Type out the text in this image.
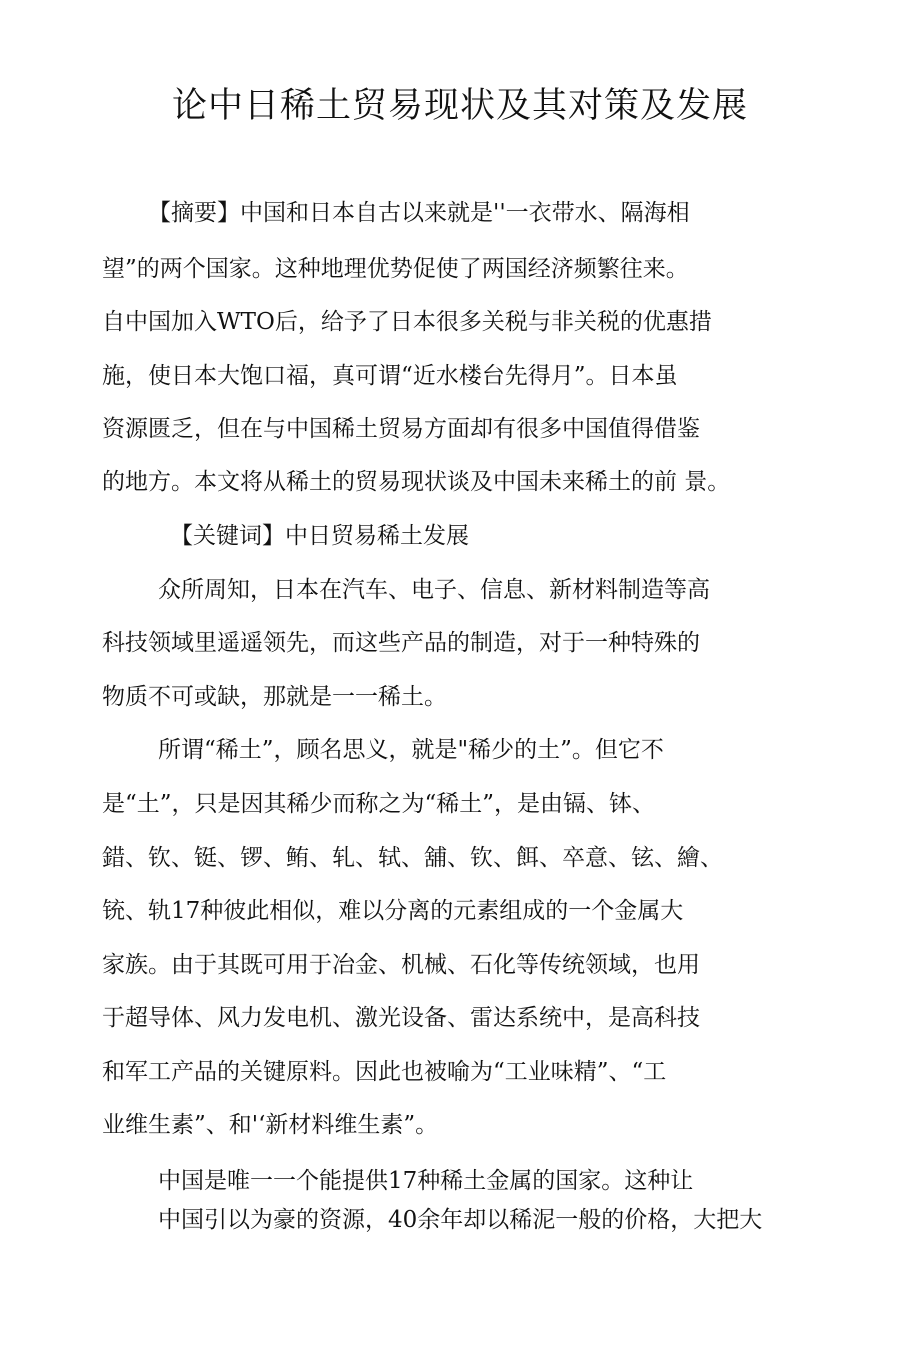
论中日稀土贸易现状及其对策及发展
【摘要】中国和日本自古以来就是''一衣带水、隔海相
望”的两个国家。这种地理优势促使了两国经济频繁往来。
自中国加入WTO后，给予了日本很多关税与非关税的优惠措
施，使日本大饱口福，真可谓“近水楼台先得月”。日本虽
资源匮乏，但在与中国稀土贸易方面却有很多中国值得借鉴
的地方。本文将从稀土的贸易现状谈及中国未来稀土的前 景。
【关键词】中日贸易稀土发展
众所周知，日本在汽车、电子、信息、新材料制造等高
科技领域里遥遥领先，而这些产品的制造，对于一种特殊的
物质不可或缺，那就是一一稀土。
所谓“稀土”，顾名思义，就是"稀少的土”。但它不
是“土”，只是因其稀少而称之为“稀土”，是由镉、钵、
錯、钦、铤、锣、鲔、轧、轼、舖、钦、餌、卒意、铉、繪、
铳、轨17种彼此相似，难以分离的元素组成的一个金属大
家族。由于其既可用于冶金、机械、石化等传统领域，也用
于超导体、风力发电机、激光设备、雷达系统中，是高科技
和军工产品的关键原料。因此也被喻为“工业味精”、“工
业维生素”、和'‘新材料维生素”。
中国是唯一一个能提供17种稀土金属的国家。这种让
中国引以为豪的资源，40余年却以稀泥一般的价格，大把大
